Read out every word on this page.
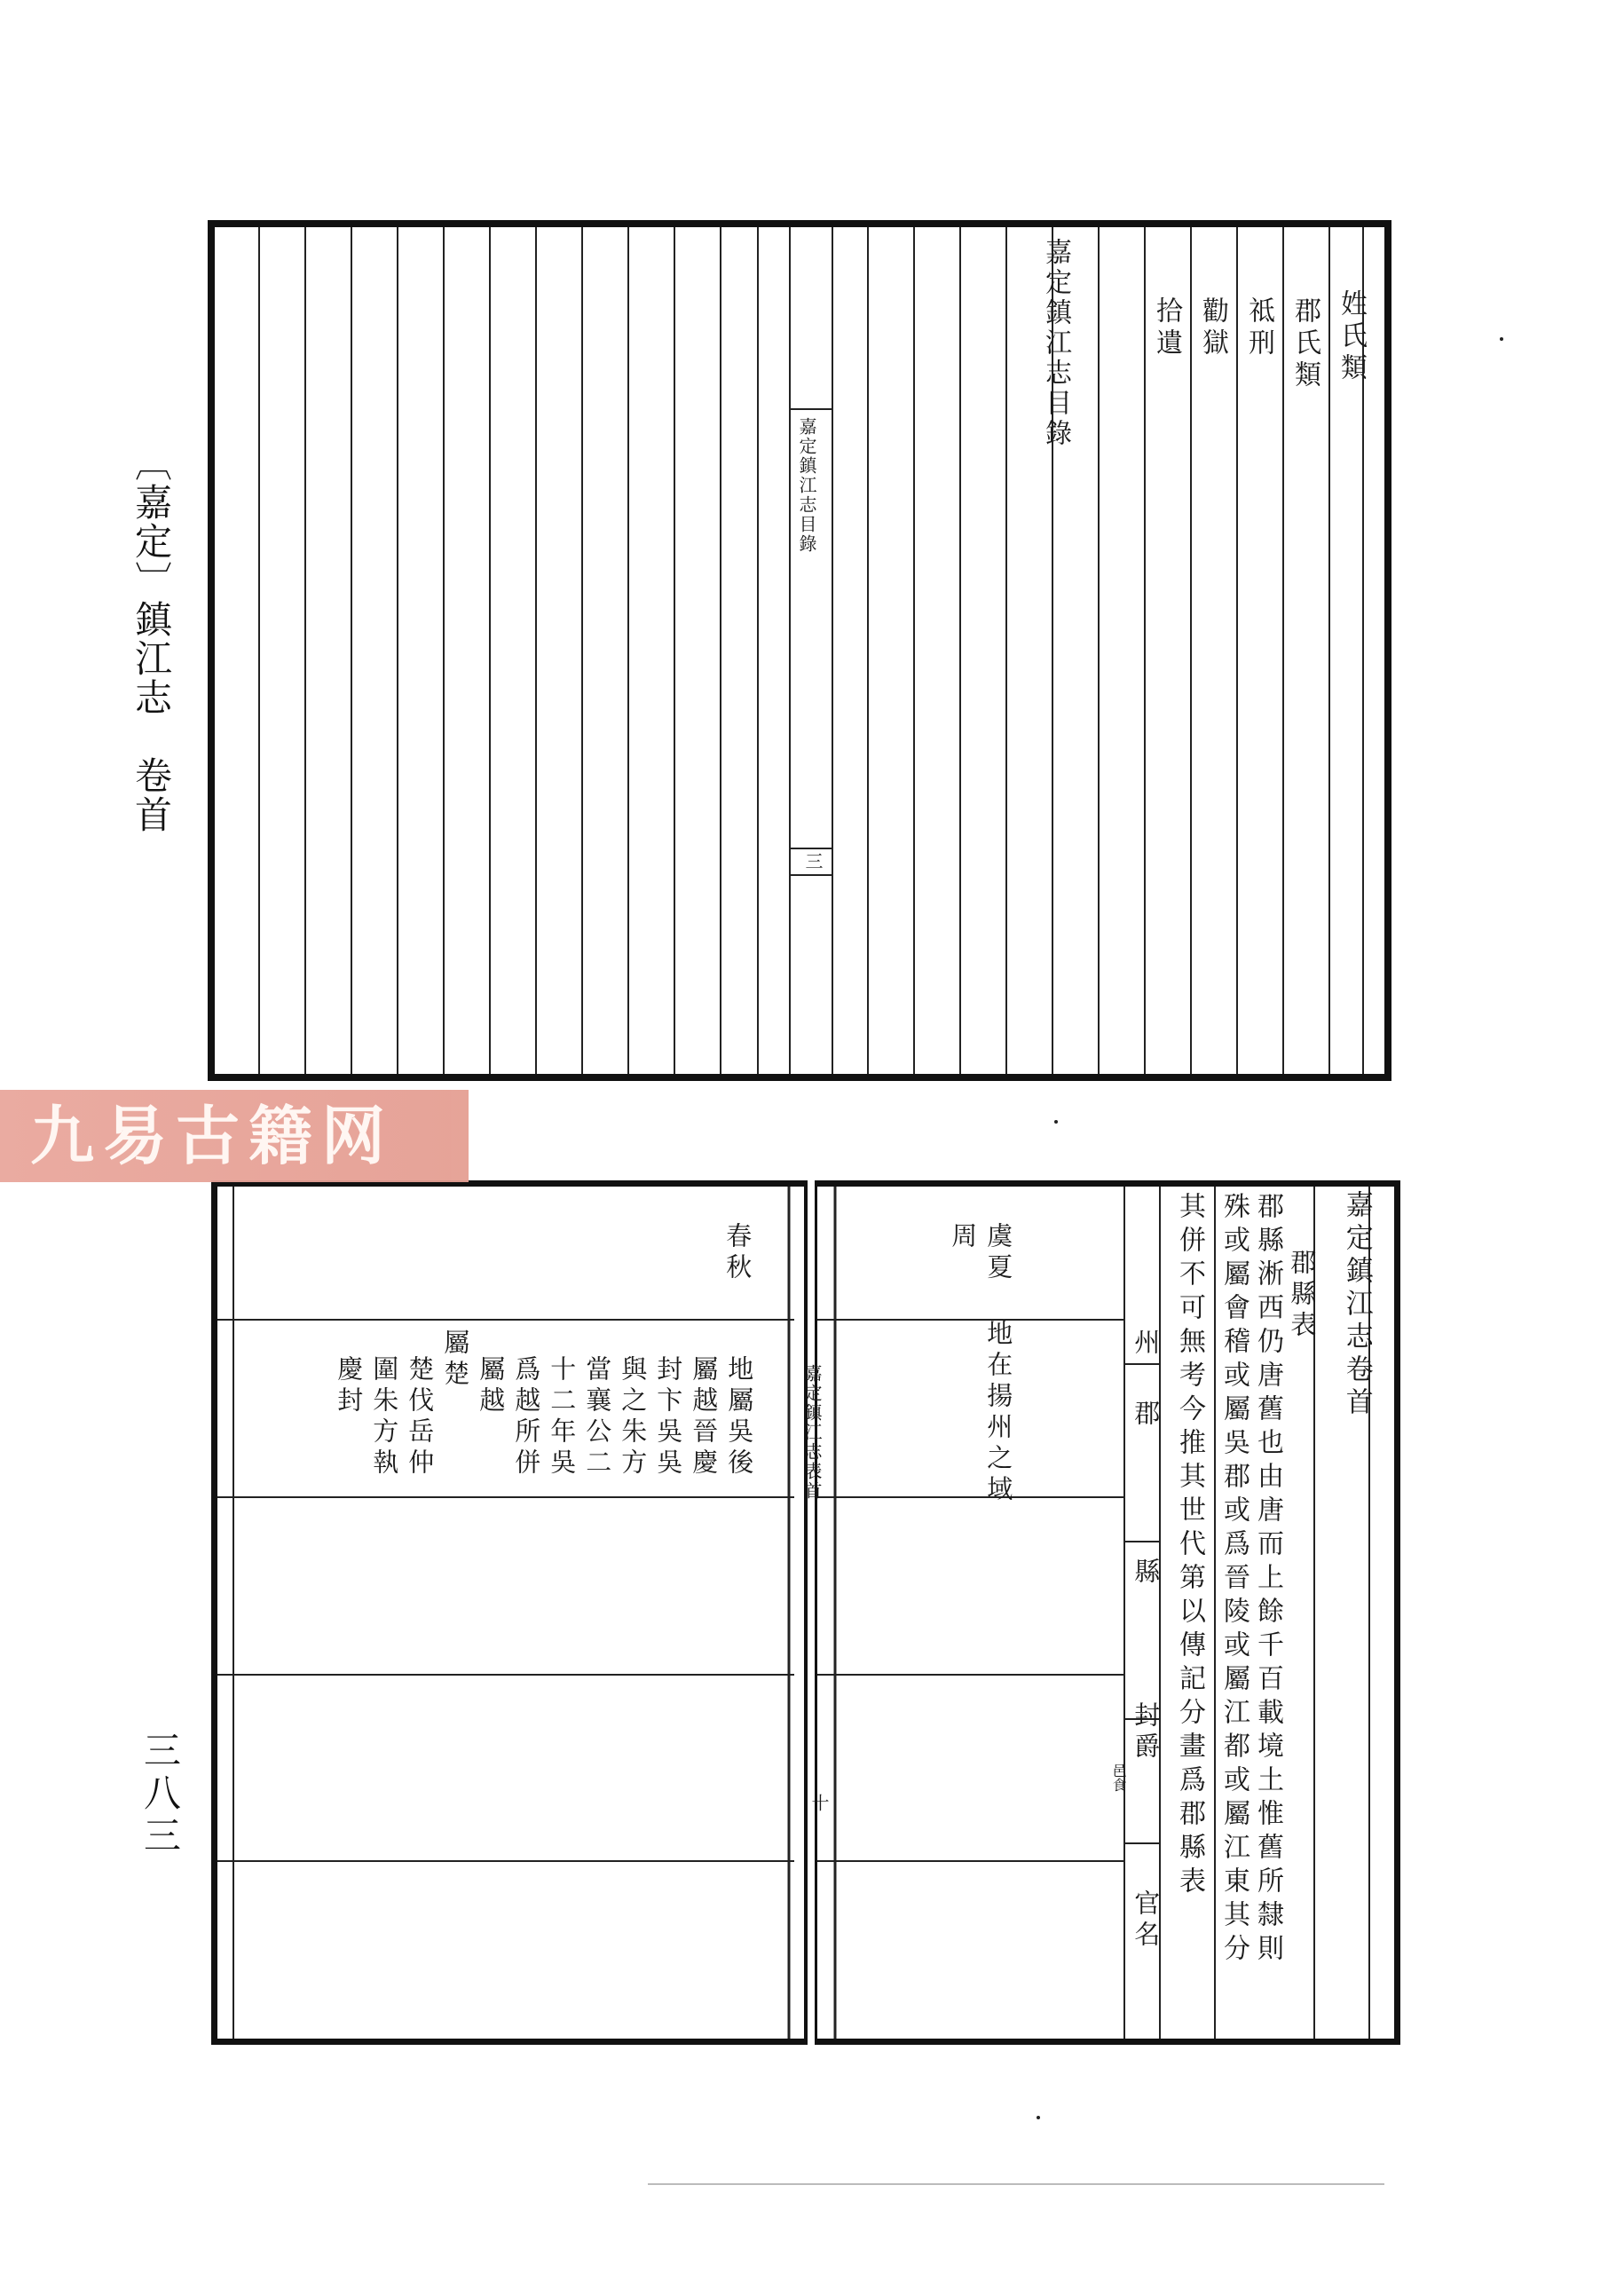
〔嘉定〕鎮江志　卷首
三八三
嘉定鎮江志目錄
嘉定鎮江志目錄
三
姓氏類
郡氏類
祗刑
勸獄
拾遺
嘉定鎮江志卷首
郡縣表
郡縣淅西仍唐舊也由唐而上餘千百載境土惟舊所隸則
殊或屬會稽或屬吳郡或爲晉陵或屬江都或屬江東其分
其併不可無考今推其世代第以傳記分畫爲郡縣表
州
郡
縣
封爵
邑食
官名
虞夏
周
地在揚州之域
嘉定鎮江志表首
十
春秋
地屬吳後
屬越晉慶
封卞吳吳
與之朱方
當襄公二
十二年吳
爲越所併
屬越
屬楚
楚伐岳仲
圍朱方執
慶封
九易古籍网
